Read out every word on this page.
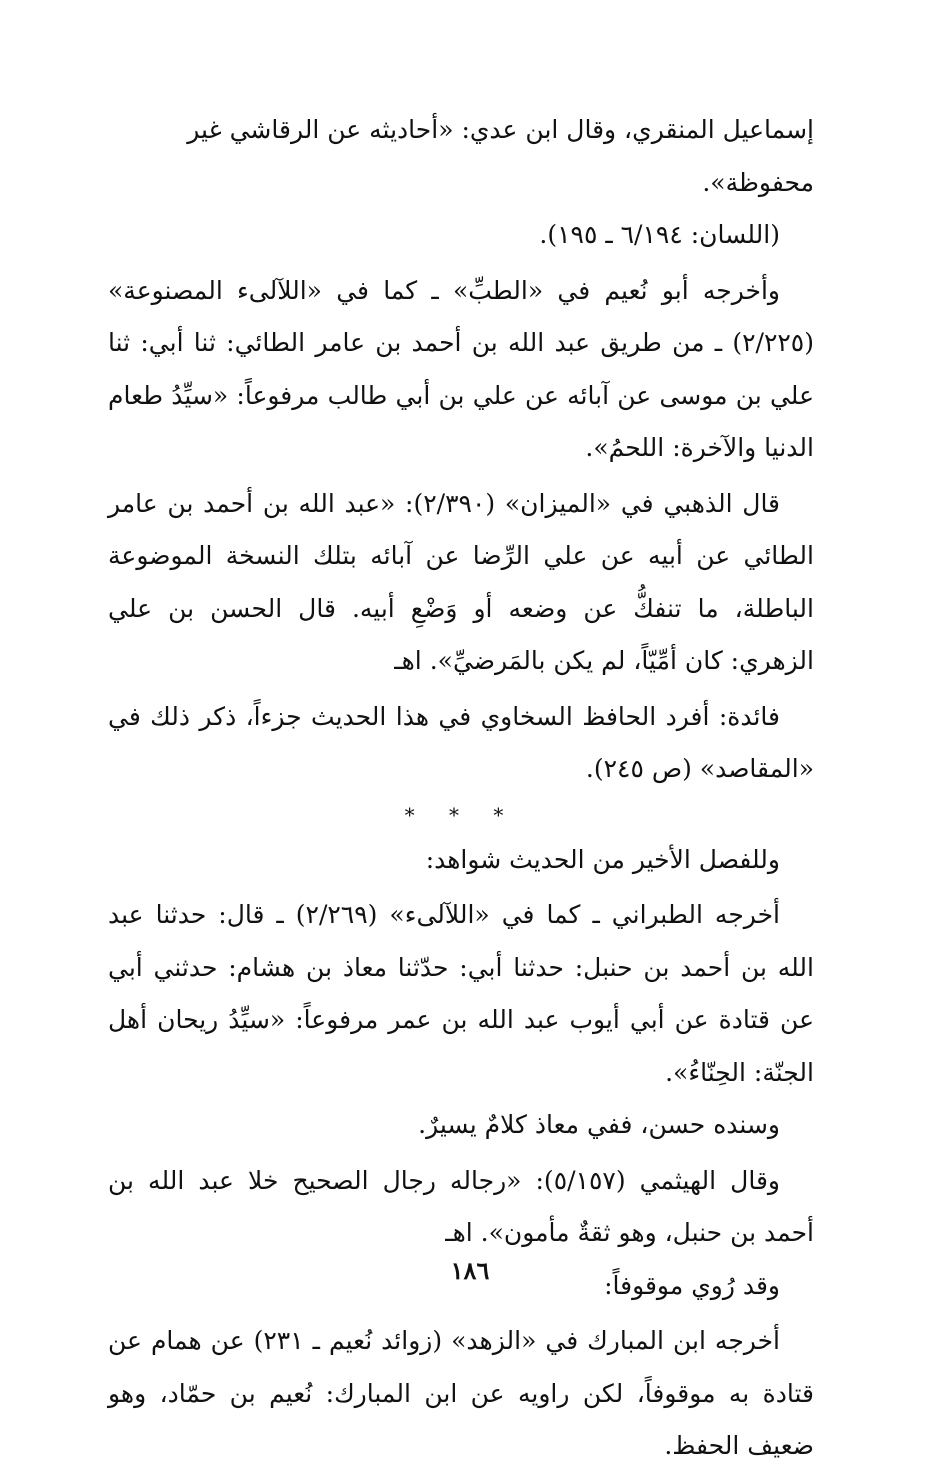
إسماعيل المنقري، وقال ابن عدي: «أحاديثه عن الرقاشي غير محفوظة».

(اللسان: ٦/١٩٤ ـ ١٩٥).

وأخرجه أبو نُعيم في «الطبِّ» ـ كما في «اللآلىء المصنوعة» (٢/٢٢٥) ـ من طريق عبد الله بن أحمد بن عامر الطائي: ثنا أبي: ثنا علي بن موسى عن آبائه عن علي بن أبي طالب مرفوعاً: «سيِّدُ طعام الدنيا والآخرة: اللحمُ».

قال الذهبي في «الميزان» (٢/٣٩٠): «عبد الله بن أحمد بن عامر الطائي عن أبيه عن علي الرِّضا عن آبائه بتلك النسخة الموضوعة الباطلة، ما تنفكُّ عن وضعه أو وَضْعِ أبيه. قال الحسن بن علي الزهري: كان أمِّيّاً، لم يكن بالمَرضيِّ». اهـ

فائدة: أفرد الحافظ السخاوي في هذا الحديث جزءاً، ذكر ذلك في «المقاصد» (ص ٢٤٥).

* * *

وللفصل الأخير من الحديث شواهد:

أخرجه الطبراني ـ كما في «اللآلىء» (٢/٢٦٩) ـ قال: حدثنا عبد الله بن أحمد بن حنبل: حدثنا أبي: حدّثنا معاذ بن هشام: حدثني أبي عن قتادة عن أبي أيوب عبد الله بن عمر مرفوعاً: «سيِّدُ ريحان أهل الجنّة: الحِنّاءُ».

وسنده حسن، ففي معاذ كلامٌ يسيرٌ.

وقال الهيثمي (٥/١٥٧): «رجاله رجال الصحيح خلا عبد الله بن أحمد بن حنبل، وهو ثقةٌ مأمون». اهـ

وقد رُوي موقوفاً:

أخرجه ابن المبارك في «الزهد» (زوائد نُعيم ـ ٢٣١) عن همام عن قتادة به موقوفاً، لكن راويه عن ابن المبارك: نُعيم بن حمّاد، وهو ضعيف الحفظ.

١٨٦
